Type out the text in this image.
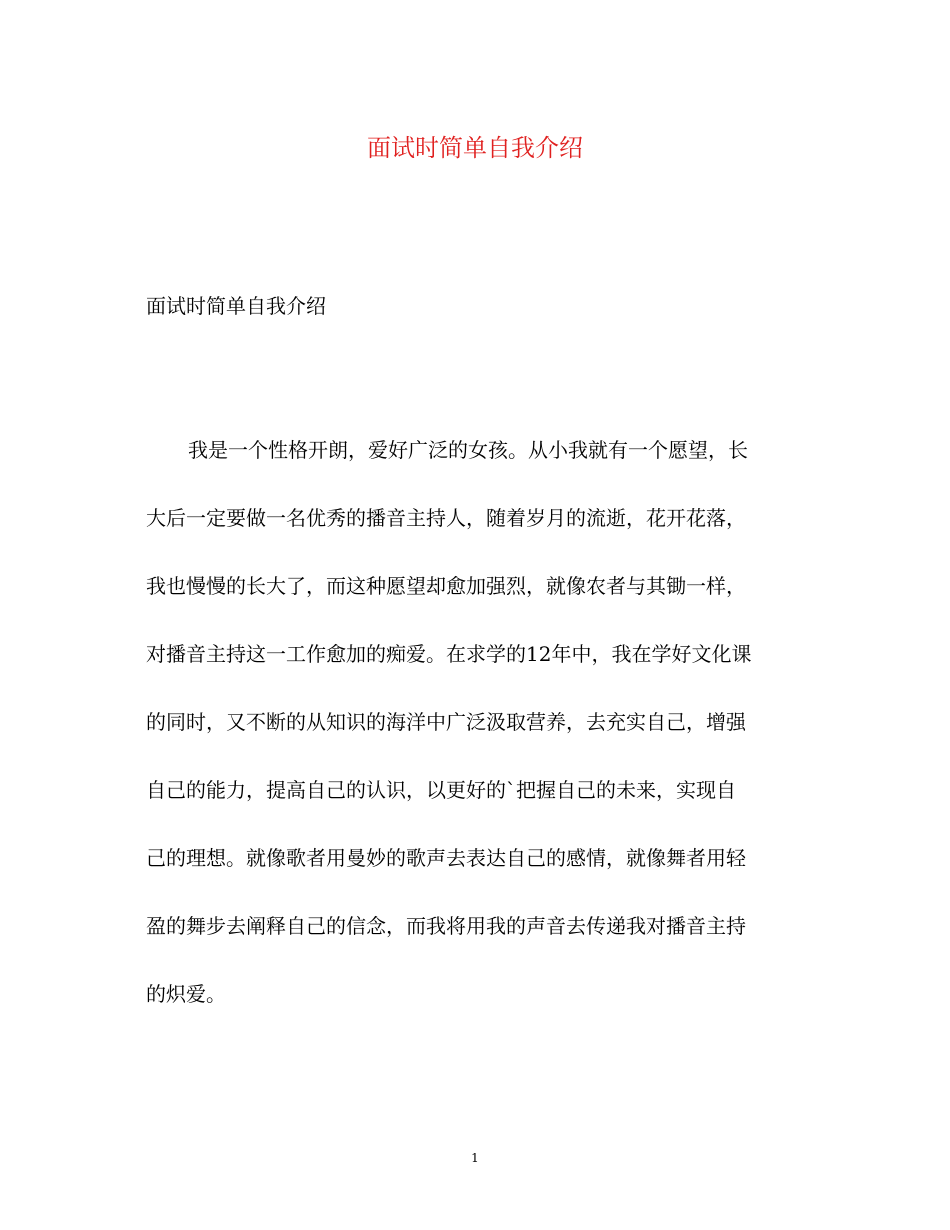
面试时简单自我介绍
面试时简单自我介绍

我是一个性格开朗，爱好广泛的女孩。从小我就有一个愿望，长
大后一定要做一名优秀的播音主持人，随着岁月的流逝，花开花落，
我也慢慢的长大了，而这种愿望却愈加强烈，就像农者与其锄一样，
对播音主持这一工作愈加的痴爱。在求学的12年中，我在学好文化课
的同时，又不断的从知识的海洋中广泛汲取营养，去充实自己，增强
自己的能力，提高自己的认识，以更好的`把握自己的未来，实现自
己的理想。就像歌者用曼妙的歌声去表达自己的感情，就像舞者用轻
盈的舞步去阐释自己的信念，而我将用我的声音去传递我对播音主持
的炽爱。

1
